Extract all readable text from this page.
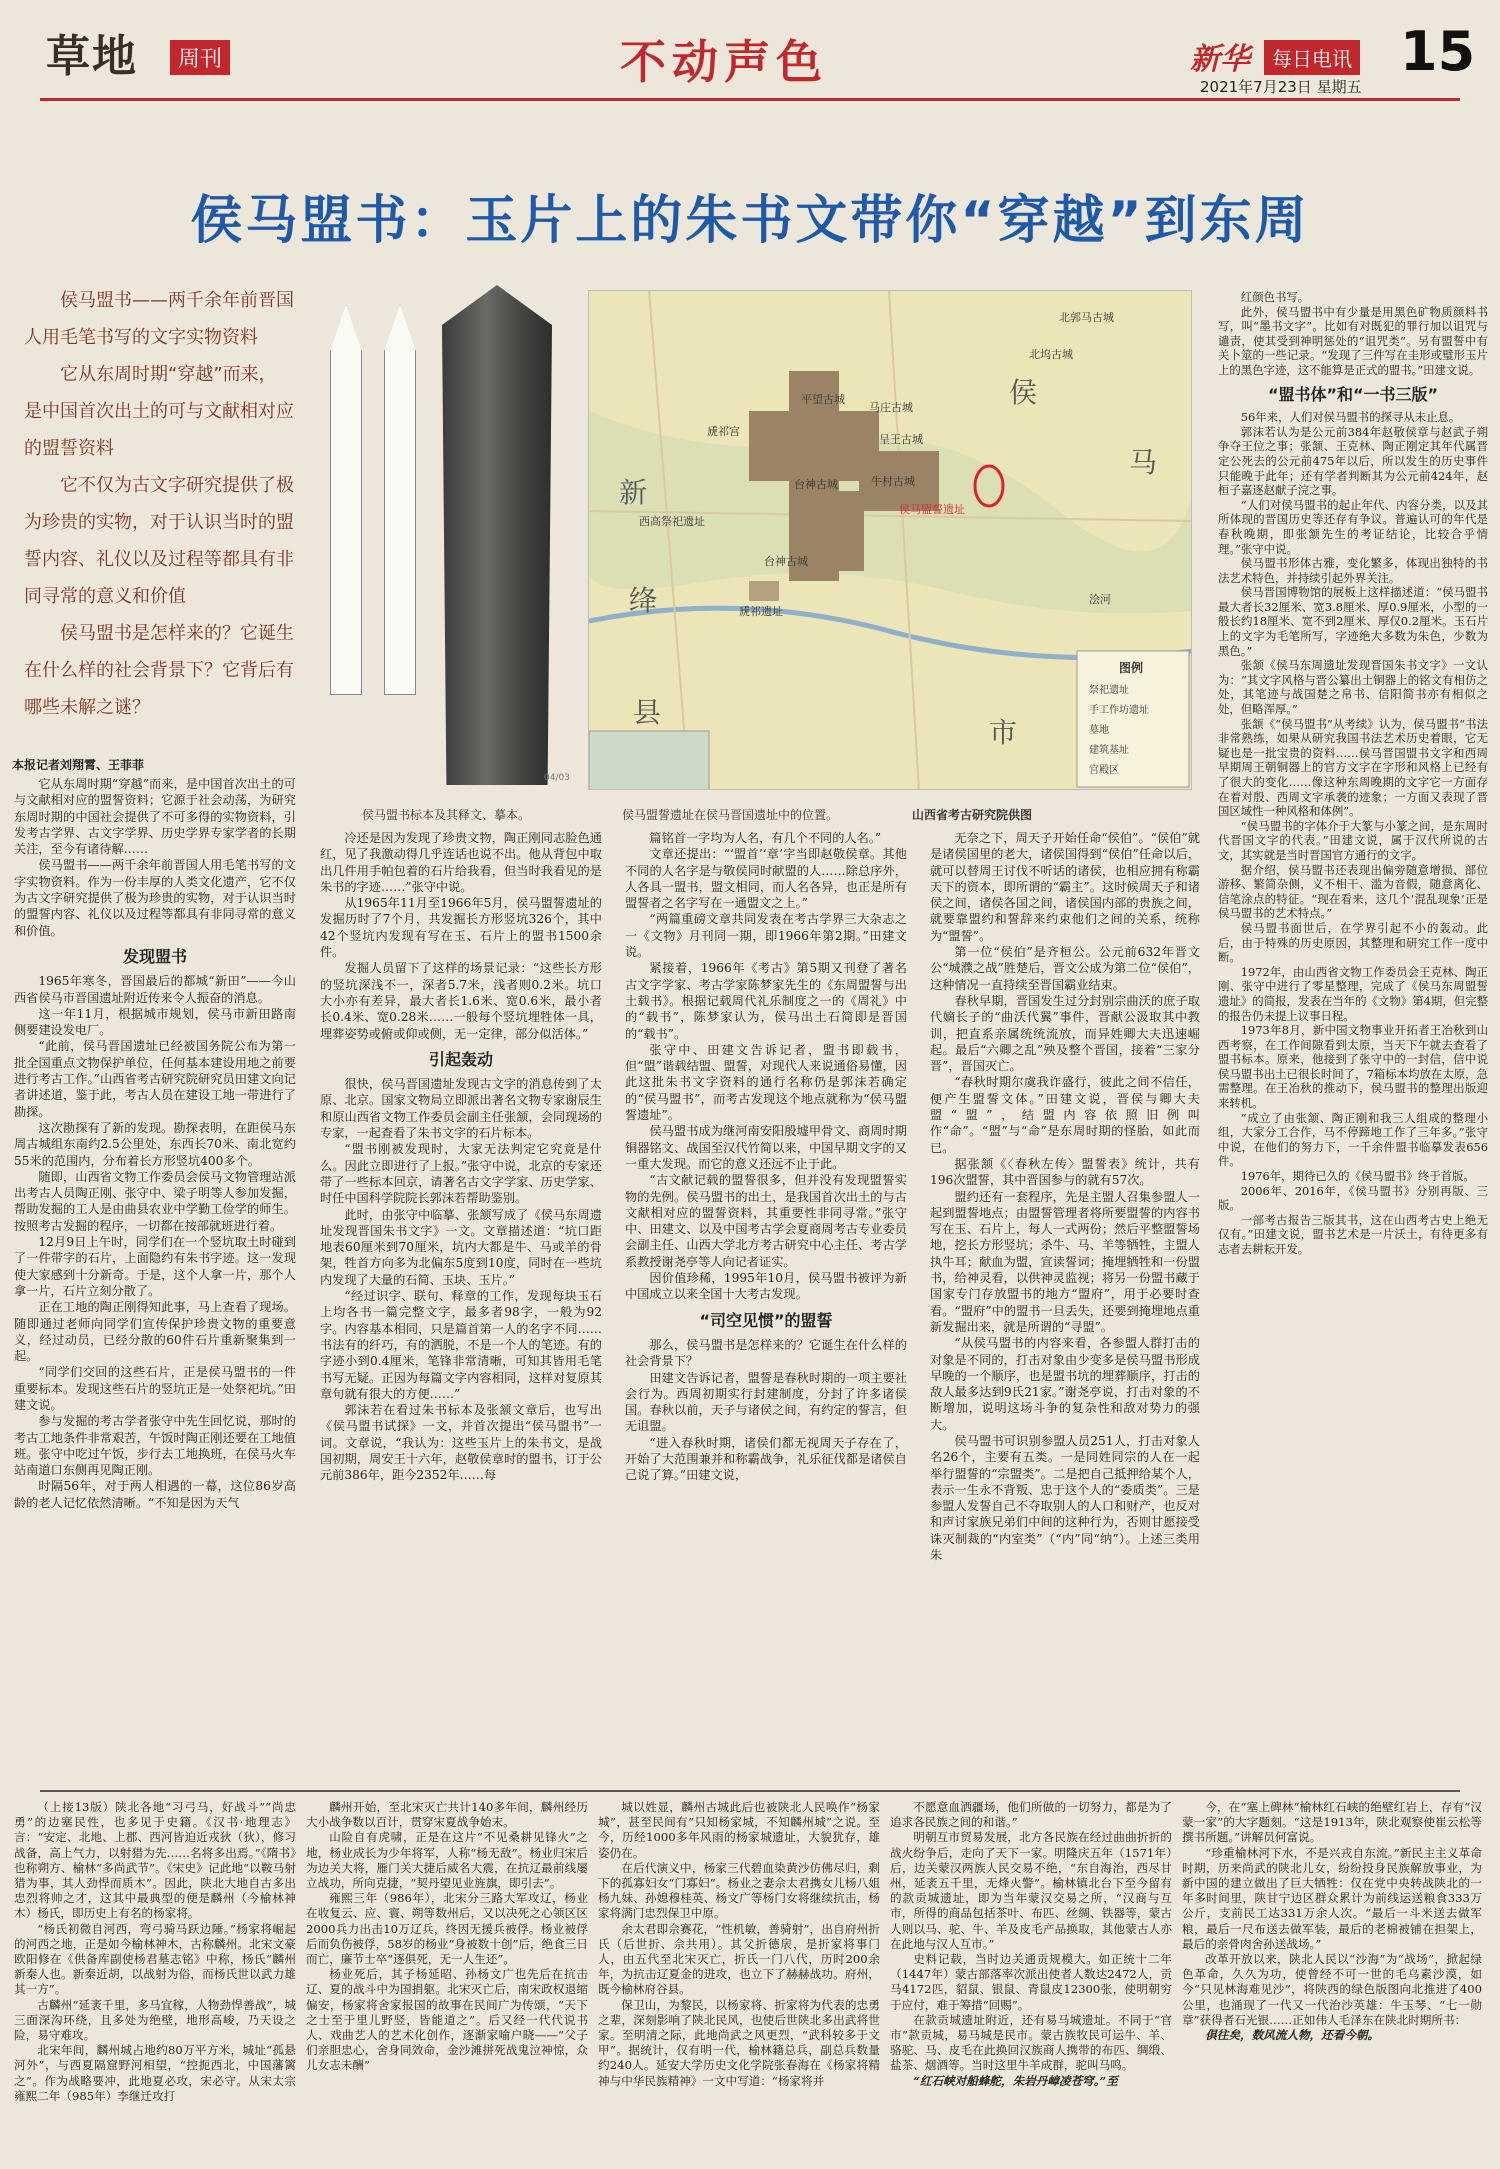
草地	周刊	不动声色	新华	每日电讯 15
2021年7月23日 星期五
侯马盟书：玉片上的朱书文带你“穿越”到东周

侯马盟书——两千余年前晋国人用毛笔书写的文字实物资料

它从东周时期“穿越”而来，是中国首次出土的可与文献相对应的盟誓资料

它不仅为古文字研究提供了极为珍贵的实物，对于认识当时的盟誓内容、礼仪以及过程等都具有非同寻常的意义和价值

侯马盟书是怎样来的？它诞生在什么样的社会背景下？它背后有哪些未解之谜？

本报记者刘翔霄、王菲菲
04/03
侯马盟书标本及其释文、摹本。
北郭马古城
北坞古城
新
绛
县
侯
马
市
马庄古城
呈王古城
台神古城	牛村古城
平望古城
虒祁宫
西高祭祀遗址
虒祁遗址
台神古城
侯马盟誓遗址
浍河
图例
祭祀遗址
手工作坊遗址
墓地
建筑基址
宫殿区
侯马盟誓遗址在侯马晋国遗址中的位置。	山西省考古研究院供图

它从东周时期“穿越”而来，是中国首次出土的可与文献相对应的盟誓资料；它源于社会动荡，为研究东周时期的中国社会提供了不可多得的实物资料，引发考古学界、古文字学界、历史学界专家学者的长期关注，至今有诸待解……

侯马盟书——两千余年前晋国人用毛笔书写的文字实物资料。作为一份丰厚的人类文化遗产，它不仅为古文字研究提供了极为珍贵的实物，对于认识当时的盟誓内容、礼仪以及过程等都具有非同寻常的意义和价值。

发现盟书

1965年寒冬，晋国最后的都城“新田”——今山西省侯马市晋国遗址附近传来令人振奋的消息。

这一年11月，根据城市规划，侯马市新田路南侧要建设发电厂。

“此前，侯马晋国遗址已经被国务院公布为第一批全国重点文物保护单位，任何基本建设用地之前要进行考古工作。”山西省考古研究院研究员田建文向记者讲述道，鉴于此，考古人员在建设工地一带进行了勘探。

这次勘探有了新的发现。勘探表明，在距侯马东周古城组东南约2.5公里处，东西长70米、南北宽约55米的范围内，分布着长方形竖坑400多个。

随即，山西省文物工作委员会侯马文物管理站派出考古人员陶正刚、张守中、梁子明等人参加发掘，帮助发掘的工人是由曲县农业中学勤工俭学的师生。按照考古发掘的程序，一切都在按部就班进行着。

12月9日上午时，同学们在一个竖坑取土时碰到了一件带字的石片，上面隐约有朱书字迹。这一发现使大家感到十分新奇。于是，这个人拿一片，那个人拿一片，石片立刻分散了。

正在工地的陶正刚得知此事，马上查看了现场。随即通过老师向同学们宣传保护珍贵文物的重要意义，经过动员，已经分散的60件石片重新聚集到一起。

“同学们交回的这些石片，正是侯马盟书的一件重要标本。发现这些石片的竖坑正是一处祭祀坑。”田建文说。

参与发掘的考古学者张守中先生回忆说，那时的考古工地条件非常艰苦，午饭时陶正刚还要在工地值班。张守中吃过午饭，步行去工地换班，在侯马火车站南道口东侧再见陶正刚。

时隔56年，对于两人相遇的一幕，这位86岁高龄的老人记忆依然清晰。“不知是因为天气

冷还是因为发现了珍贵文物，陶正刚同志脸色通红，见了我激动得几乎连话也说不出。他从背包中取出几件用手帕包着的石片给我看，但当时我看见的是朱书的字迹……”张守中说。

从1965年11月至1966年5月，侯马盟誓遗址的发掘历时了7个月，共发掘长方形竖坑326个，其中42个竖坑内发现有写在玉、石片上的盟书1500余件。

发掘人员留下了这样的场景记录：“这些长方形的竖坑深浅不一，深者5.7米，浅者则0.2米。坑口大小亦有差异，最大者长1.6米、宽0.6米，最小者长0.4米、宽0.28米……一般每个竖坑埋牲体一具，埋葬姿势或俯或仰或侧，无一定律，部分似活体。”

引起轰动

很快，侯马晋国遗址发现古文字的消息传到了太原、北京。国家文物局立即派出著名文物专家谢辰生和原山西省文物工作委员会副主任张颔，会同现场的专家，一起查看了朱书文字的石片标本。

“盟书刚被发现时，大家无法判定它究竟是什么。因此立即进行了上报。”张守中说，北京的专家还带了一些标本回京，请著名古文字学家、历史学家、时任中国科学院院长郭沫若帮助鉴别。

此时，由张守中临摹、张颔写成了《侯马东周遗址发现晋国朱书文字》一文。文章描述道：“坑口距地表60厘米到70厘米，坑内大都是牛、马或羊的骨架，牲首方向多为北偏东5度到10度，同时在一些坑内发现了大量的石简、玉块、玉片。”

“经过识字、联句、释章的工作，发现每块玉石上均各书一篇完整文字，最多者98字，一般为92字。内容基本相同，只是篇首第一人的名字不同……书法有的纤巧，有的洒脱，不是一个人的笔迹。有的字迹小到0.4厘米，笔锋非常清晰，可知其皆用毛笔书写无疑。正因为每篇文字内容相同，这样对复原其章句就有很大的方便……”

郭沫若在看过朱书标本及张颔文章后，也写出《侯马盟书试探》一文，并首次提出“侯马盟书”一词。文章说，“我认为：这些玉片上的朱书文，是战国初期，周安王十六年，赵敬侯章时的盟书，订于公元前386年，距今2352年……每

篇铭首一字均为人名，有几个不同的人名。”

文章还提出：“‘盟首’‘章’字当即赵敬侯章。其他不同的人名字是与敬侯同时献盟的人……除总序外，人各具一盟书，盟文相同，而人名各异，也正是所有盟誓者之名字写在一通盟文之上。”

“两篇重磅文章共同发表在考古学界三大杂志之一《文物》月刊同一期，即1966年第2期。”田建文说。

紧接着，1966年《考古》第5期又刊登了著名古文字学家、考古学家陈梦家先生的《东周盟誓与出土载书》。根据记载周代礼乐制度之一的《周礼》中的“载书”，陈梦家认为，侯马出土石简即是晋国的“载书”。

张守中、田建文告诉记者，盟书即载书，但“盟”谐载结盟、盟誓，对现代人来说通俗易懂，因此这批朱书文字资料的通行名称仍是郭沫若确定的“侯马盟书”，而考古发现这个地点就称为“侯马盟誓遗址”。

侯马盟书成为继河南安阳殷墟甲骨文、商周时期铜器铭文、战国至汉代竹简以来，中国早期文字的又一重大发现。而它的意义还远不止于此。

“古文献记载的盟誓很多，但并没有发现盟誓实物的先例。侯马盟书的出土，是我国首次出土的与古文献相对应的盟誓资料，其重要性非同寻常。”张守中、田建文、以及中国考古学会夏商周考古专业委员会副主任、山西大学北方考古研究中心主任、考古学系教授谢尧亭等人向记者证实。

因价值珍稀，1995年10月，侯马盟书被评为新中国成立以来全国十大考古发现。

“司空见惯”的盟誓

那么，侯马盟书是怎样来的？它诞生在什么样的社会背景下？

田建文告诉记者，盟誓是春秋时期的一项主要社会行为。西周初期实行封建制度，分封了许多诸侯国。春秋以前，天子与诸侯之间，有约定的誓言，但无诅盟。

“进入春秋时期，诸侯们都无视周天子存在了，开始了大范围兼并和称霸战争，礼乐征伐都是诸侯自己说了算。”田建文说，

无奈之下，周天子开始任命“侯伯”。“侯伯”就是诸侯国里的老大，诸侯国得到“侯伯”任命以后，就可以替周王讨伐不听话的诸侯，也相应拥有称霸天下的资本，即所谓的“霸主”。这时候周天子和诸侯之间，诸侯各国之间，诸侯国内部的贵族之间，就要靠盟约和誓辞来约束他们之间的关系，统称为“盟誓”。

第一位“侯伯”是齐桓公。公元前632年晋文公“城濮之战”胜楚后，晋文公成为第二位“侯伯”，这种情况一直持续至晋国霸业结束。

春秋早期，晋国发生过分封别宗曲沃的庶子取代嫡长子的“曲沃代翼”事件，晋献公汲取其中教训，把直系亲属统统流放，而异姓卿大夫迅速崛起。最后“六卿之乱”殃及整个晋国，接着“三家分晋”，晋国灭亡。

“春秋时期尔虞我诈盛行，彼此之间不信任，便产生盟誓文体。”田建文说，晋侯与卿大夫盟“盟”，结盟内容依照旧例叫作“命”。“盟”与“命”是东周时期的怪胎，如此而已。

据张颔《〈春秋左传〉盟誓表》统计，共有196次盟誓，其中晋国参与的就有57次。

盟约还有一套程序，先是主盟人召集参盟人一起到盟誓地点；由盟誓管理者将所要盟誓的内容书写在玉、石片上，每人一式两份；然后平整盟誓场地，挖长方形竖坑；杀牛、马、羊等牺牲，主盟人执牛耳；献血为盟，宣读誓词；掩埋牺牲和一份盟书，给神灵看，以供神灵监视；将另一份盟书藏于国家专门存放盟书的地方“盟府”，用于必要时查看。“盟府”中的盟书一旦丢失，还要到掩埋地点重新发掘出来，就是所谓的“寻盟”。

“从侯马盟书的内容来看，各参盟人群打击的对象是不同的，打击对象由少变多是侯马盟书形成早晚的一个顺序，也是盟书坑的埋葬顺序，打击的敌人最多达到9氏21家。”谢尧亭说，打击对象的不断增加，说明这场斗争的复杂性和敌对势力的强大。

侯马盟书可识别参盟人员251人，打击对象人名26个，主要有五类。一是同姓同宗的人在一起举行盟誓的“宗盟类”。二是把自己抵押给某个人，表示一生永不背叛、忠于这个人的“委质类”。三是参盟人发誓自己不夺取别人的人口和财产，也反对和声讨家族兄弟们中间的这种行为，否则甘愿接受诛灭制裁的“内室类”（“内”同“纳”）。上述三类用朱

红颜色书写。

此外，侯马盟书中有少量是用黑色矿物质颜料书写，叫“墨书文字”。比如有对既犯的罪行加以诅咒与谴责，使其受到神明惩处的“诅咒类”。另有盟誓中有关卜筮的一些记录。“发现了三件写在圭形或璧形玉片上的黑色字迹，这不能算是正式的盟书。”田建文说。

“盟书体”和“一书三版”

56年来，人们对侯马盟书的探寻从未止息。

郭沫若认为是公元前384年赵敬侯章与赵武子朔争夺王位之事；张颔、王克林、陶正刚定其年代属晋定公死去的公元前475年以后，所以发生的历史事件只能晚于此年；还有学者判断其为公元前424年，赵桓子嘉逐赵献子浣之事。

“人们对侯马盟书的起止年代、内容分类，以及其所体现的晋国历史等还存有争议。普遍认可的年代是春秋晚期，即张颔先生的考证结论，比较合乎情理。”张守中说。

侯马盟书形体古雅，变化繁多，体现出独特的书法艺术特色，并持续引起外界关注。

侯马晋国博物馆的展板上这样描述道：“侯马盟书最大者长32厘米、宽3.8厘米、厚0.9厘米，小型的一般长约18厘米、宽不到2厘米、厚仅0.2厘米。玉石片上的文字为毛笔所写，字迹绝大多数为朱色，少数为黑色。”

张颔《侯马东周遗址发现晋国朱书文字》一文认为：“其文字风格与晋公纂出土铜器上的铭文有相仿之处，其笔迹与战国楚之帛书、信阳简书亦有相似之处，但略浑厚。”

张颔《“侯马盟书”从考续》认为，侯马盟书“书法非常熟练，如果从研究我国书法艺术历史着眼，它无疑也是一批宝贵的资料……侯马晋国盟书文字和西周早期周王朝铜器上的官方文字在字形和风格上已经有了很大的变化……像这种东周晚期的文字它一方面存在着对殷、西周文字承袭的迹象；一方面又表现了晋国区域性一种风格和体例”。

“侯马盟书的字体介于大篆与小篆之间，是东周时代晋国文字的代表。”田建文说，属于汉代所说的古文，其实就是当时晋国官方通行的文字。

据介绍，侯马盟书还表现出偏旁随意增损、部位游移、繁简杂侧，义不相干、滥为音假，随意离化、信笔涂点的特征。“现在看来，这几个‘混乱现象’正是侯马盟书的艺术特点。”

侯马盟书面世后，在学界引起不小的轰动。此后，由于特殊的历史原因，其整理和研究工作一度中断。

1972年，由山西省文物工作委员会王克林、陶正刚、张守中进行了零星整理，完成了《侯马东周盟誓遗址》的简报，发表在当年的《文物》第4期，但完整的报告仍未提上议事日程。

1973年8月，新中国文物事业开拓者王冶秋到山西考察，在工作间隙看到太原，当天下午就去查看了盟书标本。原来，他接到了张守中的一封信，信中说侯马盟书出土已很长时间了，7箱标本均放在太原，急需整理。在王冶秋的推动下，侯马盟书的整理出版迎来转机。

“成立了由张颔、陶正刚和我三人组成的整理小组，大家分工合作，马不停蹄地工作了三年多。”张守中说，在他们的努力下，一千余件盟书临摹发表656件。

1976年，期待已久的《侯马盟书》终于首版。

2006年、2016年，《侯马盟书》分别再版、三版。

一部考古报告三版其书，这在山西考古史上绝无仅有。”田建文说，盟书艺术是一片沃土，有待更多有志者去耕耘开发。

（上接13版）陕北各地“习弓马，好战斗”“尚忠勇”的边塞民性，也多见于史籍。《汉书·地理志》言：“安定、北地、上郡、西河皆迫近戎狄（狄），修习战备，高上气力，以射猎为先……名将多出焉。”《隋书》也称朔方、榆林“多尚武节”。《宋史》记此地“以鞍马射猎为事，其人劲悍而质木”。因此，陕北大地自古多出忠烈将帅之才，这其中最典型的便是麟州（今榆林神木）杨氏，即历史上有名的杨家将。

“杨氏初微自河西，弯弓骑马跃边陲。”杨家将崛起的河西之地，正是如今榆林神木，古称麟州。北宋文豪欧阳修在《供备库副使杨君墓志铭》中称，杨氏“麟州新秦人也。新秦近胡，以战射为俗，而杨氏世以武力雄其一方”。

古麟州“延袤千里，多马宜稼，人物劲悍善战”，城三面深沟环绕，且多处为绝壁，地形高峻，乃天设之险，易守难攻。

北宋年间，麟州城占地约80万平方米，城址“孤悬河外”，与西夏隔窟野河相望，“控扼西北，中国藩篱之”。作为战略要冲，此地夏必攻，宋必守。从宋太宗雍熙二年（985年）李继迁攻打

麟州开始，至北宋灭亡共计140多年间，麟州经历大小战争数以百计，贯穿宋夏战争始末。

山险自有虎啸，正是在这片“不见桑耕见锋火”之地，杨业成长为少年将军，人称“杨无敌”。杨业归宋后为边关大将，雁门关大捷后威名大震，在抗辽最前线屡立战功，所向克捷，“契丹望见业旌旗，即引去”。

雍熙三年（986年），北宋分三路大军攻辽，杨业在收复云、应、寰、朔等数州后，又以决死之心领区区2000兵力出击10万辽兵，终因无援兵被俘。杨业被俘后而负伤被俘，58岁的杨业“身被数十创”后，绝食三日而亡，廉节士卒“逐俱死，无一人生还”。

杨业死后，其子杨延昭、孙杨文广也先后在抗击辽、夏的战斗中为国捐躯。北宋灭亡后，南宋政权退缩偏安，杨家将舍家报国的故事在民间广为传颂，“天下之士至于里儿野竖，皆能道之”。后又经一代代说书人、戏曲艺人的艺术化创作，逐渐家喻户晓——“父子们亲胆忠心，舍身同效命，金沙滩拼死战鬼泣神惊，众儿女志未酬”

城以姓显，麟州古城此后也被陕北人民唤作“杨家城”，甚至民间有“只知杨家城，不知麟州城”之说。至今，历经1000多年风雨的杨家城遗址，大貌犹存，雄姿仍在。

在后代演义中，杨家三代碧血染黄沙仿佛尽归，剩下的孤寡妇女“门寡妇”。杨业之妻佘太君携女儿杨八姐杨九妹、孙媳穆桂英、杨文广等杨门女将继续抗击，杨家将满门忠烈保卫中原。

余太君即佘赛花，“性机敏，善骑射”，出自府州折氏（后世折、佘共用）。其父折德扆，是折家将事门人，由五代至北宋灭亡，折氏一门八代，历时200余年，为抗击辽夏金的进攻，也立下了赫赫战功。府州，既今榆林府谷县。

保卫山，为黎民，以杨家将、折家将为代表的忠勇之辈，深刻影响了陕北民风，也使后世陕北多出武将世家。至明清之际，此地尚武之风更烈，“武科较多于文甲”。据统计，仅有明一代，榆林籍总兵，副总兵数量约240人。延安大学历史文化学院张春海在《杨家将精神与中华民族精神》一文中写道：“杨家将并

不愿意血洒疆场，他们所做的一切努力，都是为了追求各民族之间的和谐。”

明朝互市贸易发展，北方各民族在经过曲曲折折的战火纷争后，走向了天下一家。明隆庆五年（1571年）后，边关蒙汉两族人民交易不绝，“东自海治，西尽甘州，延袤五千里，无烽火警”。榆林镇北台下至今留有的款贡城遗址，即为当年蒙汉交易之所，“汉商与互市，所得的商品包括茶叶、布匹、丝绸、铁器等，蒙古人则以马、驼、牛、羊及皮毛产品换取，其他蒙古人亦在此地与汉人互市。”

史料记载，当时边关通贡规模大。如正统十二年（1447年）蒙古部落率次派出使者人数达2472人，贡马4172匹，貂鼠、银鼠、青鼠皮12300张，使明朝穷于应付，难于筹措“回赐”。

在款贡城遗址附近，还有易马城遗址。不同于“官市”款贡城，易马城是民市。蒙古族牧民可运牛、羊、骆驼、马、皮毛在此换回汉族商人携带的布匹、绸缎、盐茶、烟酒等。当时这里牛羊成群，驼叫马鸣。

“红石峡对船蜂舵，朱岩丹嶂凌苍穹。”至

今，在“塞上碑林”榆林红石峡的绝壁红岩上，存有“汉蒙一家”的大字题刻。“这是1913年，陕北观察使崔云松等撰书所题。”讲解员何富说。

“珍重榆林河下水，不是兴戎自东流。”新民主主义革命时期，历来尚武的陕北儿女，纷纷投身民族解放事业，为新中国的建立做出了巨大牺牲：仅在党中央转战陕北的一年多时间里，陕甘宁边区群众累计为前线运送粮食333万公斤，支前民工达331万余人次。“最后一斗米送去做军粮，最后一尺布送去做军装，最后的老棉被铺在担架上，最后的亲骨肉舍孙送战场。”

改革开放以来，陕北人民以“沙海”为“战场”，掀起绿色革命，久久为功，使曾经不可一世的毛乌素沙漠，如今“只见林海难见沙”，将陕西的绿色版图向北推进了400公里，也涌现了一代又一代治沙英雄：牛玉琴、“七一勋章”获得者石光银……正如伟人毛泽东在陕北时期所书：

俱往矣，数风流人物，还看今朝。
